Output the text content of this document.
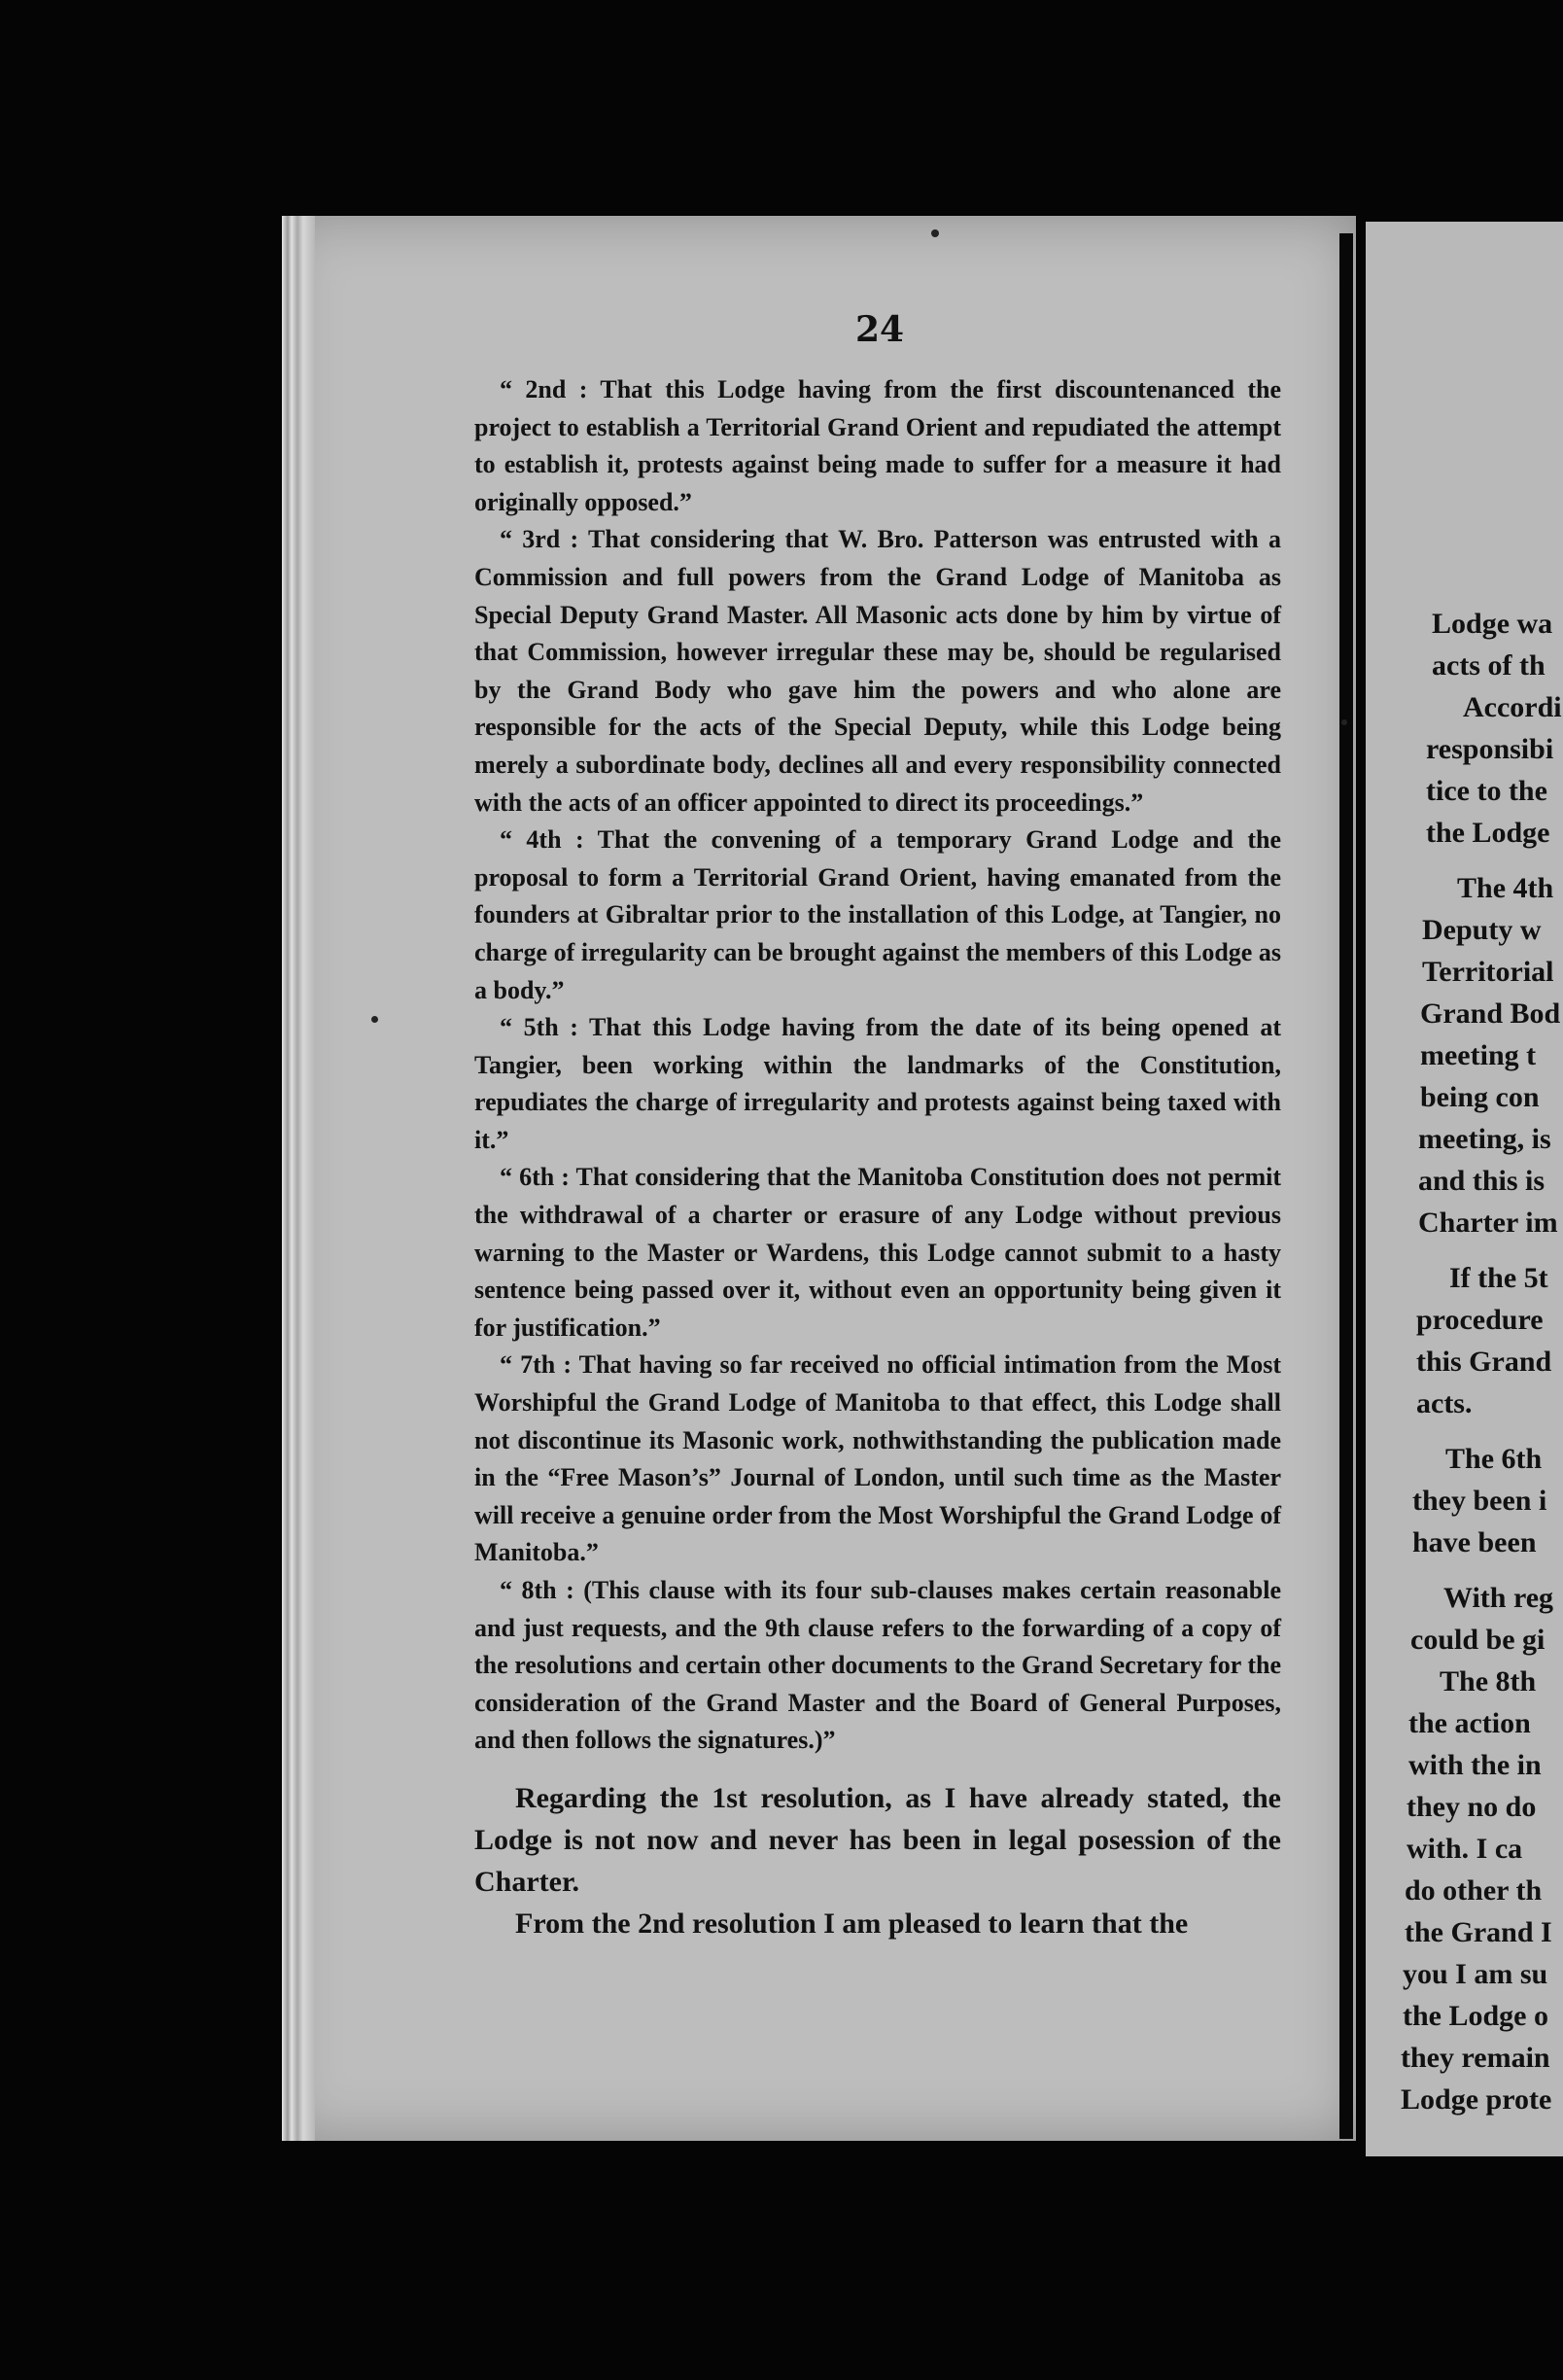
24

“ 2nd : That this Lodge having from the first discountenanced the project to establish a Territorial Grand Orient and repudiated the attempt to establish it, protests against being made to suffer for a measure it had originally opposed.”

“ 3rd : That considering that W. Bro. Patterson was entrusted with a Commission and full powers from the Grand Lodge of Manitoba as Special Deputy Grand Master. All Masonic acts done by him by virtue of that Commission, however irregular these may be, should be regularised by the Grand Body who gave him the powers and who alone are responsible for the acts of the Special Deputy, while this Lodge being merely a subordinate body, declines all and every responsibility connected with the acts of an officer appointed to direct its proceedings.”

“ 4th : That the convening of a temporary Grand Lodge and the proposal to form a Territorial Grand Orient, having emanated from the founders at Gibraltar prior to the installation of this Lodge, at Tangier, no charge of irregularity can be brought against the members of this Lodge as a body.”

“ 5th : That this Lodge having from the date of its being opened at Tangier, been working within the landmarks of the Constitution, repudiates the charge of irregularity and protests against being taxed with it.”

“ 6th : That considering that the Manitoba Constitution does not permit the withdrawal of a charter or erasure of any Lodge without previous warning to the Master or Wardens, this Lodge cannot submit to a hasty sentence being passed over it, without even an opportunity being given it for justification.”

“ 7th : That having so far received no official intimation from the Most Worshipful the Grand Lodge of Manitoba to that effect, this Lodge shall not discontinue its Masonic work, nothwithstanding the publication made in the “Free Mason’s” Journal of London, until such time as the Master will receive a genuine order from the Most Worshipful the Grand Lodge of Manitoba.”

“ 8th : (This clause with its four sub-clauses makes certain reasonable and just requests, and the 9th clause refers to the forwarding of a copy of the resolutions and certain other documents to the Grand Secretary for the consideration of the Grand Master and the Board of General Purposes, and then follows the signatures.)”

Regarding the 1st resolution, as I have already stated, the Lodge is not now and never has been in legal posession of the Charter.

From the 2nd resolution I am pleased to learn that the

Lodge wa
acts of th
Accordi
responsibi
tice to the
the Lodge
The 4th
Deputy w
Territorial
Grand Bod
meeting t
being con
meeting, is
and this is
Charter im
If the 5t
procedure
this Grand
acts.
The 6th
they been i
have been
With reg
could be gi
The 8th
the action
with the in
they no do
with. I ca
do other th
the Grand I
you I am su
the Lodge o
they remain
Lodge prote
